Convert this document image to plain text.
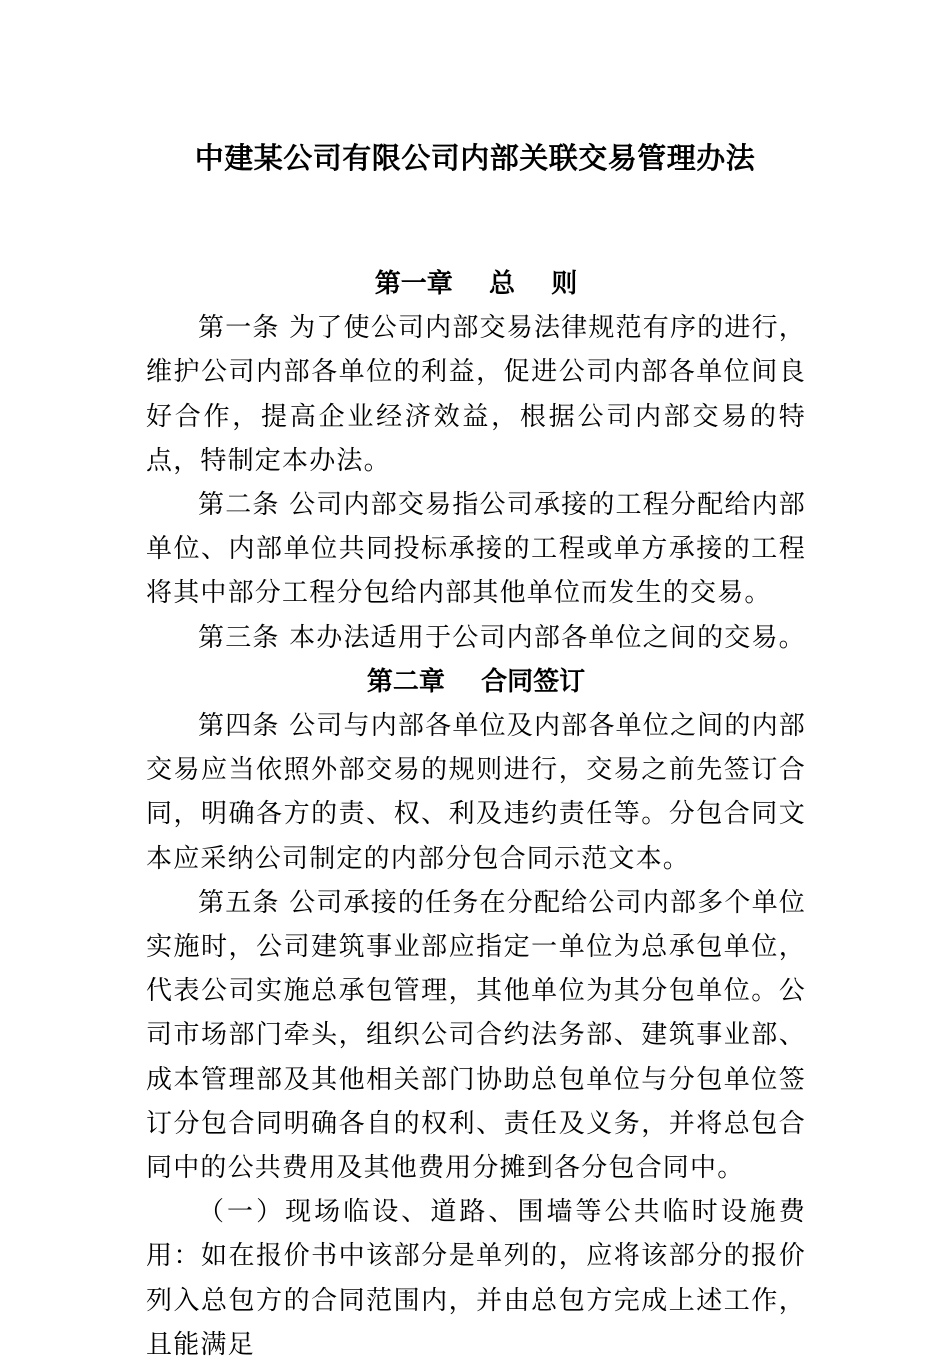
中建某公司有限公司内部关联交易管理办法
第一章    总    则

第一条 为了使公司内部交易法律规范有序的进行，维护公司内部各单位的利益，促进公司内部各单位间良好合作，提高企业经济效益，根据公司内部交易的特点，特制定本办法。

第二条 公司内部交易指公司承接的工程分配给内部单位、内部单位共同投标承接的工程或单方承接的工程将其中部分工程分包给内部其他单位而发生的交易。

第三条 本办法适用于公司内部各单位之间的交易。

第二章    合同签订

第四条 公司与内部各单位及内部各单位之间的内部交易应当依照外部交易的规则进行，交易之前先签订合同，明确各方的责、权、利及违约责任等。分包合同文本应采纳公司制定的内部分包合同示范文本。

第五条 公司承接的任务在分配给公司内部多个单位实施时，公司建筑事业部应指定一单位为总承包单位，代表公司实施总承包管理，其他单位为其分包单位。公司市场部门牵头，组织公司合约法务部、建筑事业部、成本管理部及其他相关部门协助总包单位与分包单位签订分包合同明确各自的权利、责任及义务，并将总包合同中的公共费用及其他费用分摊到各分包合同中。

（一）现场临设、道路、围墙等公共临时设施费用：如在报价书中该部分是单列的，应将该部分的报价列入总包方的合同范围内，并由总包方完成上述工作，且能满足
